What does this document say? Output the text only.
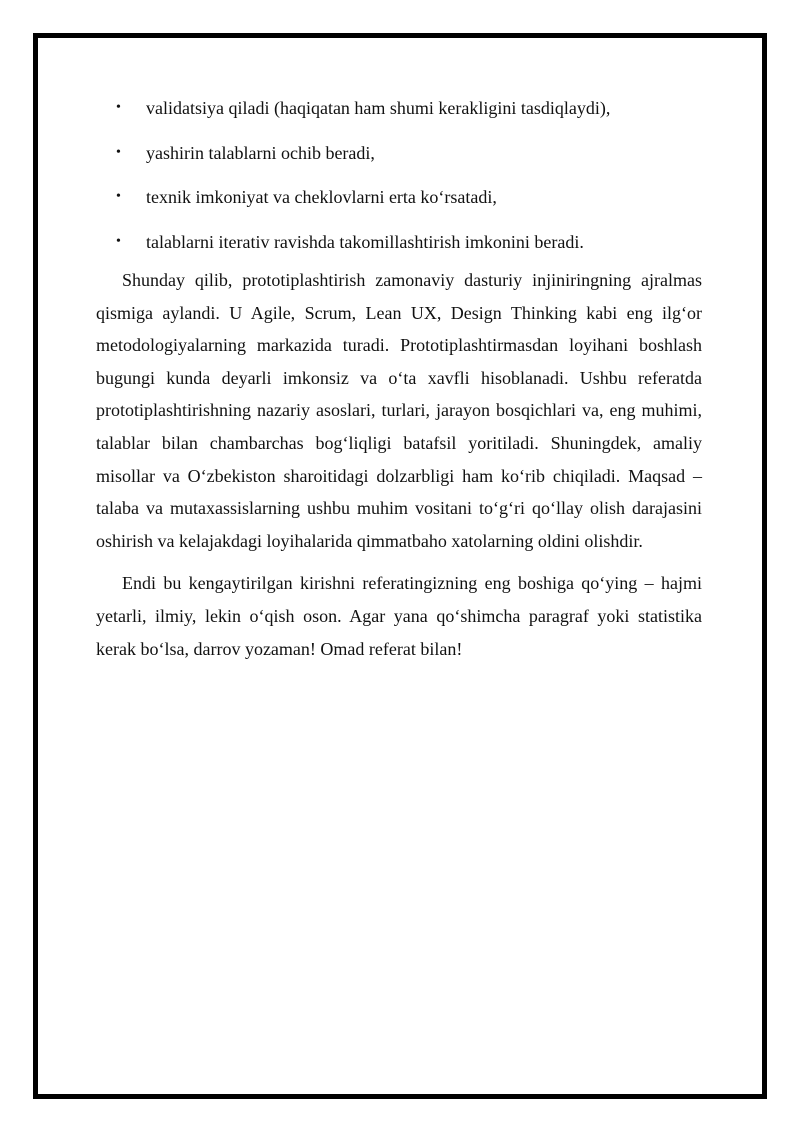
• validatsiya qiladi (haqiqatan ham shumi kerakligini tasdiqlaydi),
• yashirin talablarni ochib beradi,
• texnik imkoniyat va cheklovlarni erta ko‘rsatadi,
• talablarni iterativ ravishda takomillashtirish imkonini beradi.

Shunday qilib, prototiplashtirish zamonaviy dasturiy injiniringning ajralmas qismiga aylandi. U Agile, Scrum, Lean UX, Design Thinking kabi eng ilg‘or metodologiyalarning markazida turadi. Prototiplashtirmasdan loyihani boshlash bugungi kunda deyarli imkonsiz va o‘ta xavfli hisoblanadi. Ushbu referatda prototiplashtirishning nazariy asoslari, turlari, jarayon bosqichlari va, eng muhimi, talablar bilan chambarchas bog‘liqligi batafsil yoritiladi. Shuningdek, amaliy misollar va O‘zbekiston sharoitidagi dolzarbligi ham ko‘rib chiqiladi. Maqsad – talaba va mutaxassislarning ushbu muhim vositani to‘g‘ri qo‘llay olish darajasini oshirish va kelajakdagi loyihalarida qimmatbaho xatolarning oldini olishdir.

Endi bu kengaytirilgan kirishni referatingizning eng boshiga qo‘ying – hajmi yetarli, ilmiy, lekin o‘qish oson. Agar yana qo‘shimcha paragraf yoki statistika kerak bo‘lsa, darrov yozaman! Omad referat bilan!
